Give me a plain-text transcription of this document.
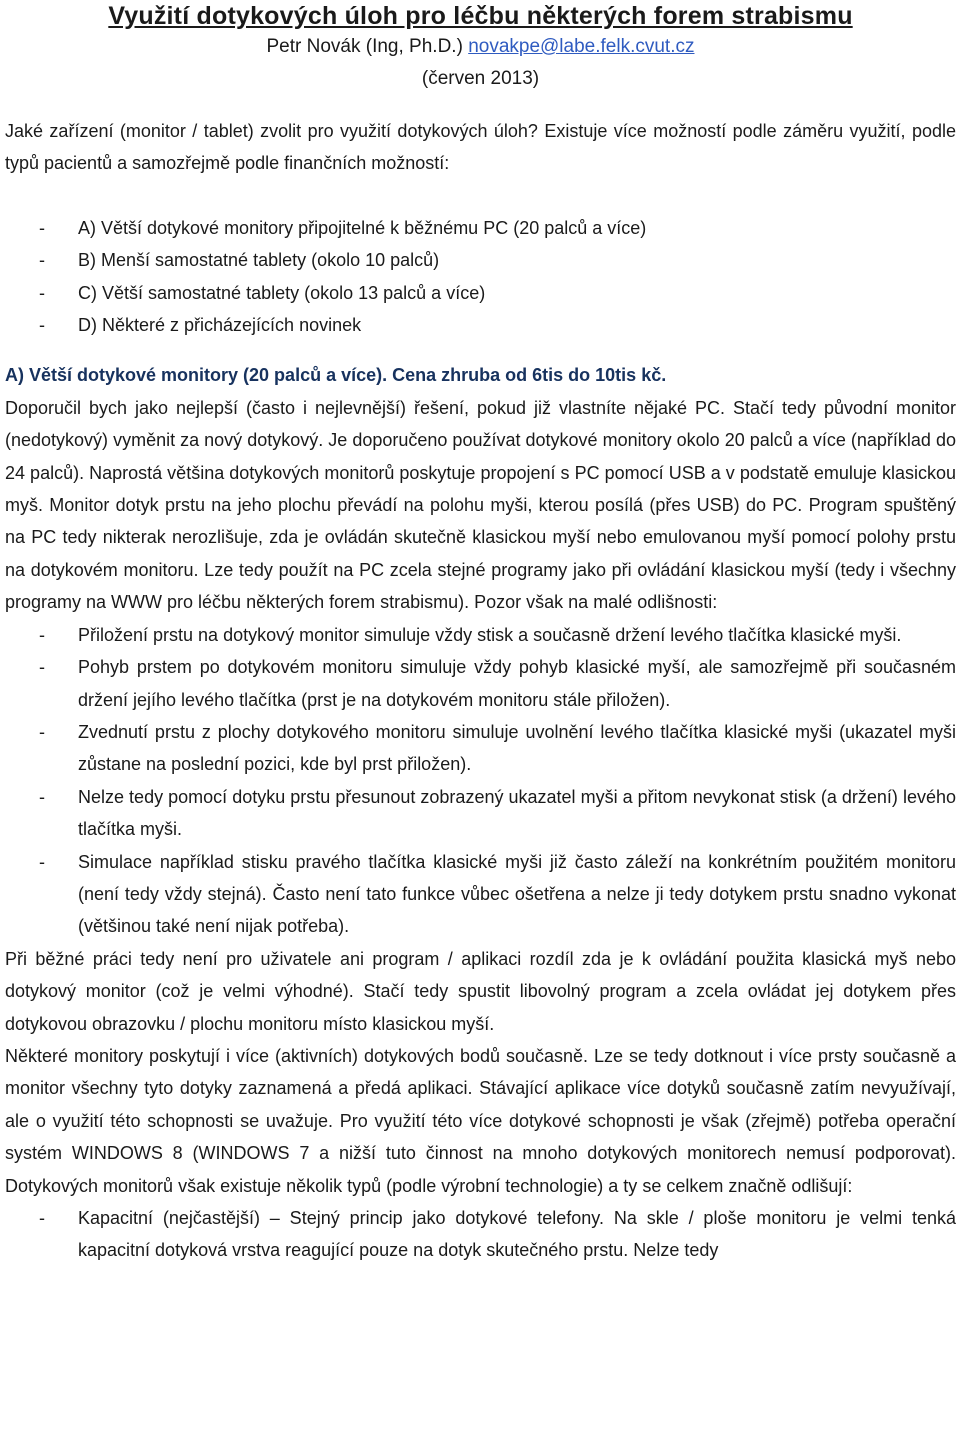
Využití dotykových úloh pro léčbu některých forem strabismu
Petr Novák (Ing, Ph.D.) novakpe@labe.felk.cvut.cz
(červen 2013)

Jaké zařízení (monitor / tablet) zvolit pro využití dotykových úloh? Existuje více možností podle záměru využití, podle typů pacientů a samozřejmě podle finančních možností:

- A) Větší dotykové monitory připojitelné k běžnému PC (20 palců a více)
- B) Menší samostatné tablety (okolo 10 palců)
- C) Větší samostatné tablety (okolo 13 palců a více)
- D) Některé z přicházejících novinek

A) Větší dotykové monitory (20 palců a více). Cena zhruba od 6tis do 10tis kč.

Doporučil bych jako nejlepší (často i nejlevnější) řešení, pokud již vlastníte nějaké PC. Stačí tedy původní monitor (nedotykový) vyměnit za nový dotykový. Je doporučeno používat dotykové monitory okolo 20 palců a více (například do 24 palců). Naprostá většina dotykových monitorů poskytuje propojení s PC pomocí USB a v podstatě emuluje klasickou myš. Monitor dotyk prstu na jeho plochu převádí na polohu myši, kterou posílá (přes USB) do PC. Program spuštěný na PC tedy nikterak nerozlišuje, zda je ovládán skutečně klasickou myší nebo emulovanou myší pomocí polohy prstu na dotykovém monitoru. Lze tedy použít na PC zcela stejné programy jako při ovládání klasickou myší (tedy i všechny programy na WWW pro léčbu některých forem strabismu). Pozor však na malé odlišnosti:

- Přiložení prstu na dotykový monitor simuluje vždy stisk a současně držení levého tlačítka klasické myši.
- Pohyb prstem po dotykovém monitoru simuluje vždy pohyb klasické myší, ale samozřejmě při současném držení jejího levého tlačítka (prst je na dotykovém monitoru stále přiložen).
- Zvednutí prstu z plochy dotykového monitoru simuluje uvolnění levého tlačítka klasické myši (ukazatel myši zůstane na poslední pozici, kde byl prst přiložen).
- Nelze tedy pomocí dotyku prstu přesunout zobrazený ukazatel myši a přitom nevykonat stisk (a držení) levého tlačítka myši.
- Simulace například stisku pravého tlačítka klasické myši již často záleží na konkrétním použitém monitoru (není tedy vždy stejná). Často není tato funkce vůbec ošetřena a nelze ji tedy dotykem prstu snadno vykonat (většinou také není nijak potřeba).

Při běžné práci tedy není pro uživatele ani program / aplikaci rozdíl zda je k ovládání použita klasická myš nebo dotykový monitor (což je velmi výhodné). Stačí tedy spustit libovolný program a zcela ovládat jej dotykem přes dotykovou obrazovku / plochu monitoru místo klasickou myší.

Některé monitory poskytují i více (aktivních) dotykových bodů současně. Lze se tedy dotknout i více prsty současně a monitor všechny tyto dotyky zaznamená a předá aplikaci. Stávající aplikace více dotyků současně zatím nevyužívají, ale o využití této schopnosti se uvažuje. Pro využití této více dotykové schopnosti je však (zřejmě) potřeba operační systém WINDOWS 8 (WINDOWS 7 a nižší tuto činnost na mnoho dotykových monitorech nemusí podporovat). Dotykových monitorů však existuje několik typů (podle výrobní technologie) a ty se celkem značně odlišují:

- Kapacitní (nejčastější) – Stejný princip jako dotykové telefony. Na skle / ploše monitoru je velmi tenká kapacitní dotyková vrstva reagující pouze na dotyk skutečného prstu. Nelze tedy
